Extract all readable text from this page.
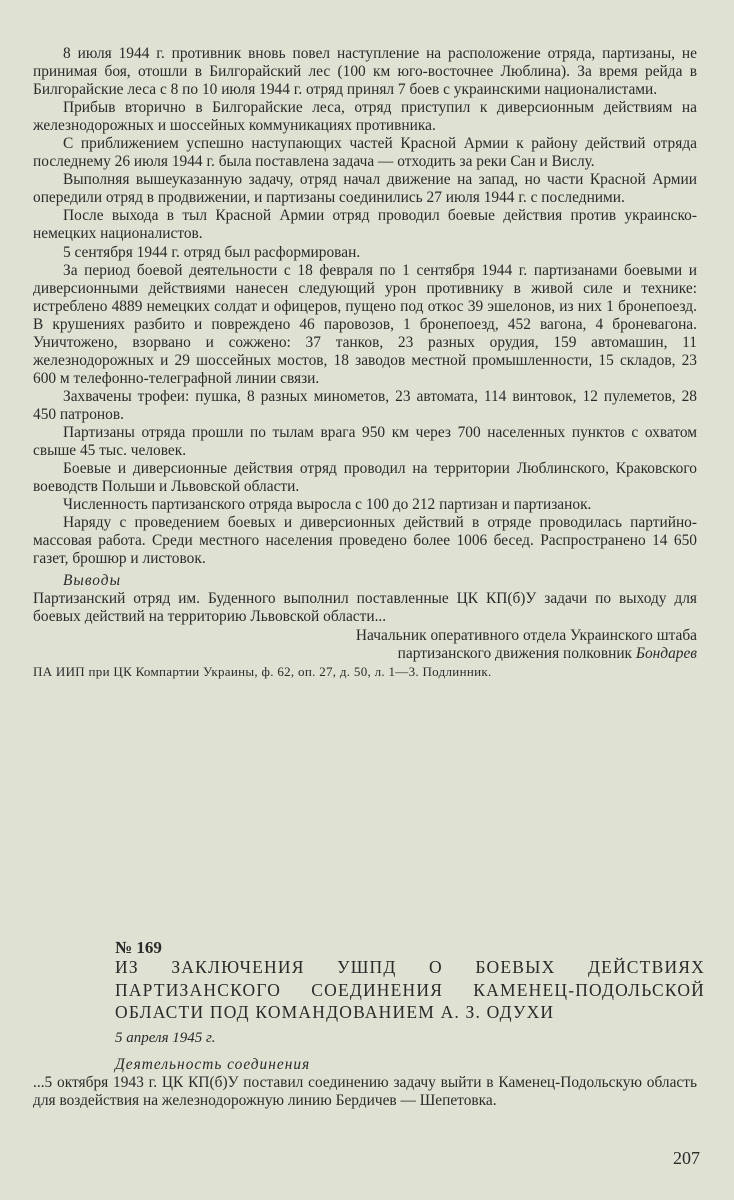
8 июля 1944 г. противник вновь повел наступление на расположение отряда, партизаны, не принимая боя, отошли в Билгорайский лес (100 км юго-восточнее Люблина). За время рейда в Билгорайские леса с 8 по 10 июля 1944 г. отряд принял 7 боев с украинскими националистами.
Прибыв вторично в Билгорайские леса, отряд приступил к диверсионным действиям на железнодорожных и шоссейных коммуникациях противника.
С приближением успешно наступающих частей Красной Армии к району действий отряда последнему 26 июля 1944 г. была поставлена задача — отходить за реки Сан и Вислу.
Выполняя вышеуказанную задачу, отряд начал движение на запад, но части Красной Армии опередили отряд в продвижении, и партизаны соединились 27 июля 1944 г. с последними.
После выхода в тыл Красной Армии отряд проводил боевые действия против украинско-немецких националистов.
5 сентября 1944 г. отряд был расформирован.
За период боевой деятельности с 18 февраля по 1 сентября 1944 г. партизанами боевыми и диверсионными действиями нанесен следующий урон противнику в живой силе и технике: истреблено 4889 немецких солдат и офицеров, пущено под откос 39 эшелонов, из них 1 бронепоезд. В крушениях разбито и повреждено 46 паровозов, 1 бронепоезд, 452 вагона, 4 броневагона. Уничтожено, взорвано и сожжено: 37 танков, 23 разных орудия, 159 автомашин, 11 железнодорожных и 29 шоссейных мостов, 18 заводов местной промышленности, 15 складов, 23 600 м телефонно-телеграфной линии связи.
Захвачены трофеи: пушка, 8 разных минометов, 23 автомата, 114 винтовок, 12 пулеметов, 28 450 патронов.
Партизаны отряда прошли по тылам врага 950 км через 700 населенных пунктов с охватом свыше 45 тыс. человек.
Боевые и диверсионные действия отряд проводил на территории Люблинского, Краковского воеводств Польши и Львовской области.
Численность партизанского отряда выросла с 100 до 212 партизан и партизанок.
Наряду с проведением боевых и диверсионных действий в отряде проводилась партийно-массовая работа. Среди местного населения проведено более 1006 бесед. Распространено 14 650 газет, брошюр и листовок.
Выводы
Партизанский отряд им. Буденного выполнил поставленные ЦК КП(б)У задачи по выходу для боевых действий на территорию Львовской области...
Начальник оперативного отдела Украинского штаба
партизанского движения полковник Бондарев
ПА ИИП при ЦК Компартии Украины, ф. 62, оп. 27, д. 50, л. 1—3. Подлинник.
№ 169
ИЗ ЗАКЛЮЧЕНИЯ УШПД О БОЕВЫХ ДЕЙСТВИЯХ ПАРТИЗАНСКОГО СОЕДИНЕНИЯ КАМЕНЕЦ-ПОДОЛЬСКОЙ ОБЛАСТИ ПОД КОМАНДОВАНИЕМ А. З. ОДУХИ
5 апреля 1945 г.
Деятельность соединения
...5 октября 1943 г. ЦК КП(б)У поставил соединению задачу выйти в Каменец-Подольскую область для воздействия на железнодорожную линию Бердичев — Шепетовка.
207
